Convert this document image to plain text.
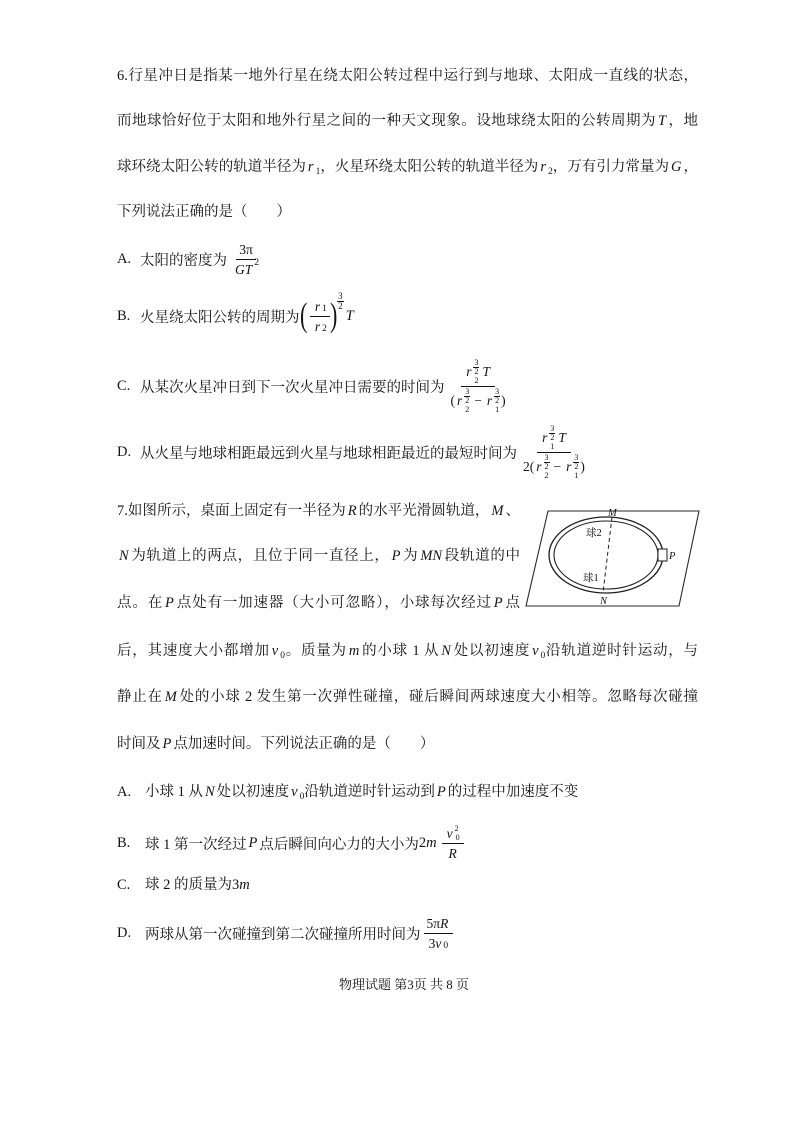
6.行星冲日是指某一地外行星在绕太阳公转过程中运行到与地球、太阳成一直线的状态，
而地球恰好位于太阳和地外行星之间的一种天文现象。设地球绕太阳的公转周期为 T ，地
球环绕太阳公转的轨道半径为 r $_1$，火星环绕太阳公转的轨道半径为 r $_2$，万有引力常量为 G ，
下列说法正确的是（　　）
A. 太阳的密度为 $\frac{3\pi}{GT 2}$
B. 火星绕太阳公转的周期为 ( $\frac{r 1}{r 2}$ ) $\frac{3}{2}$
T
C. 从某次火星冲日到下一次火星冲日需要的时间为
r $\frac{3}{2}$
2
T
( r $\frac{3}{2}$
2
− r $\frac{3}{2}$
1
)
D. 从火星与地球相距最远到火星与地球相距最近的最短时间为
r $\frac{3}{2}$
1
T
2( r $\frac{3}{2}$
2
− r $\frac{3}{2}$
1
)
7.如图所示，桌面上固定有一半径为 R 的水平光滑圆轨道， M 、
N 为轨道上的两点，且位于同一直径上， P 为 MN 段轨道的中
点。在 P 点处有一加速器（大小可忽略），小球每次经过 P 点
后，其速度大小都增加 v $_0$。质量为 m 的小球 1 从 N 处以初速度 v $_0$沿轨道逆时针运动，与
静止在 M 处的小球 2 发生第一次弹性碰撞，碰后瞬间两球速度大小相等。忽略每次碰撞
时间及 P 点加速时间。下列说法正确的是（　　）
M
N
P
球2
球1
A. 小球 1 从 N 处以初速度 v $_0$沿轨道逆时针运动到 P 的过程中加速度不变
B.	球 1 第一次经过 P 点后瞬间向心力的大小为 2 m v 2
0
R
C. 球 2 的质量为3m
D. 两球从第一次碰撞到第二次碰撞所用时间为 $\frac{\text{5π R}}{3 v 0}$
物理试题 第3页 共 8 页
